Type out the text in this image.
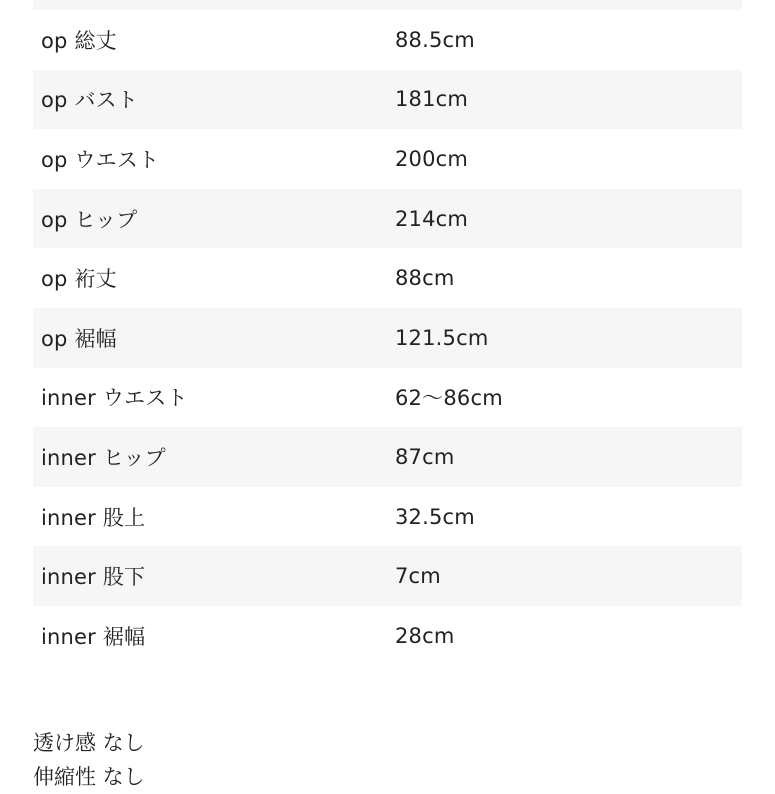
op 総丈	88.5cm
op バスト	181cm
op ウエスト	200cm
op ヒップ	214cm
op 裄丈	88cm
op 裾幅	121.5cm
inner ウエスト	62〜86cm
inner ヒップ	87cm
inner 股上	32.5cm
inner 股下	7cm
inner 裾幅	28cm
透け感 なし
伸縮性 なし
